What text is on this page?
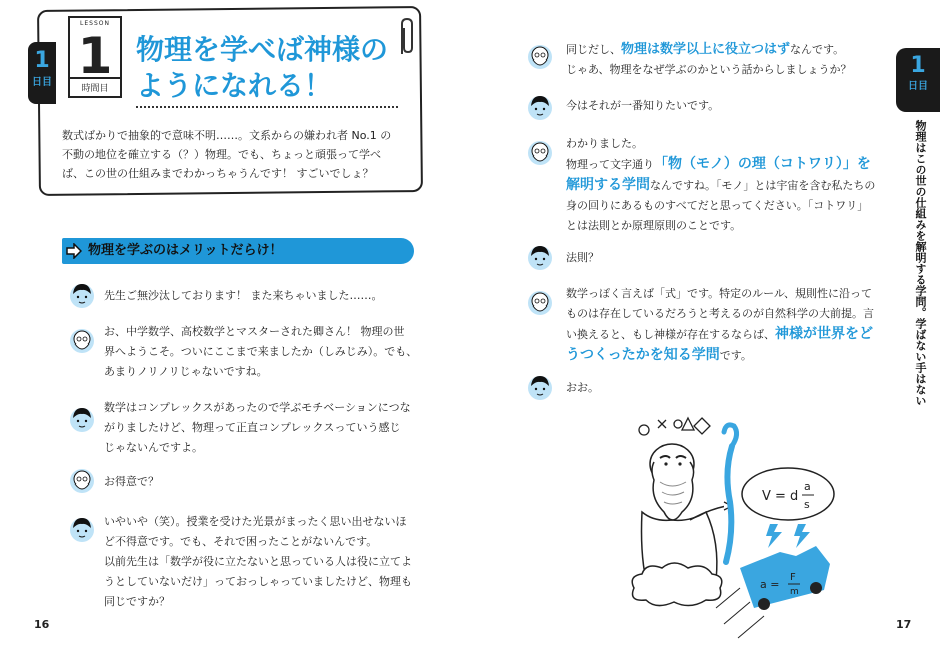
1
日目
LESSON
1
時間目
物理を学べば神様の
ようになれる！
数式ばかりで抽象的で意味不明……。文系からの嫌われ者 No.1 の不動の地位を確立する（？）物理。でも、ちょっと頑張って学べば、この世の仕組みまでわかっちゃうんです！ すごいでしょ？
物理を学ぶのはメリットだらけ！
先生ご無沙汰しております！ また来ちゃいました……。
お、中学数学、高校数学とマスターされた卿さん！ 物理の世
界へようこそ。ついにここまで来ましたか（しみじみ）。でも、
あまりノリノリじゃないですね。
数学はコンプレックスがあったので学ぶモチベーションにつな
がりましたけど、物理って正直コンプレックスっていう感じ
じゃないんですよ。
お得意で？
いやいや（笑）。授業を受けた光景がまったく思い出せないほ
ど不得意です。でも、それで困ったことがないんです。
以前先生は「数学が役に立たないと思っている人は役に立てよ
うとしていないだけ」っておっしゃっていましたけど、物理も
同じですか？
16
1
日目
物理はこの世の仕組みを解明する学問。学ばない手はない
同じだし、物理は数学以上に役立つはずなんです。
じゃあ、物理をなぜ学ぶのかという話からしましょうか？
今はそれが一番知りたいです。
わかりました。
物理って文字通り「物（モノ）の理（コトワリ）」を
解明する学問なんですね。「モノ」とは宇宙を含む私たちの
身の回りにあるものすべてだと思ってください。「コトワリ」
とは法則とか原理原則のことです。
法則？
数学っぽく言えば「式」です。特定のルール、規則性に沿って
ものは存在しているだろうと考えるのが自然科学の大前提。言
い換えると、もし神様が存在するならば、神様が世界をど
うつくったかを知る学問です。
おお。
17
V = d
a
s
a =
F
m
